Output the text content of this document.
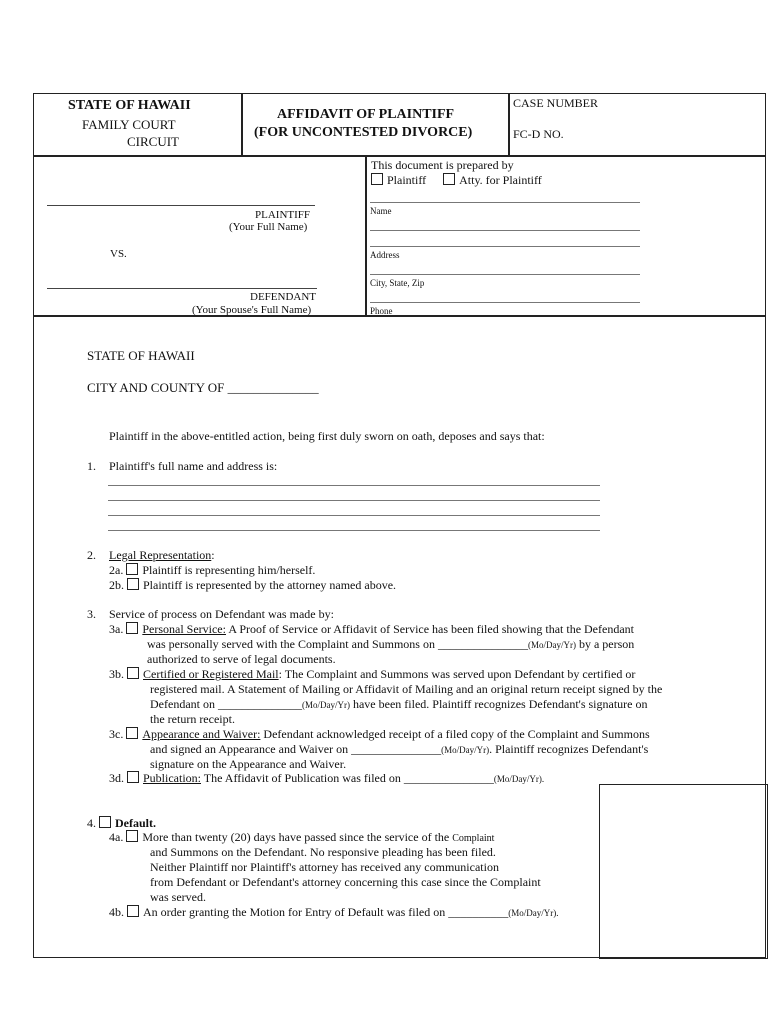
STATE OF HAWAII
FAMILY COURT
CIRCUIT
AFFIDAVIT OF PLAINTIFF
(FOR UNCONTESTED DIVORCE)
CASE NUMBER
FC-D NO.
PLAINTIFF
(Your Full Name)
VS.
DEFENDANT
(Your Spouse's Full Name)
This document is prepared by
Plaintiff	Atty. for Plaintiff
Name
Address
City, State, Zip
Phone
STATE OF HAWAII
CITY AND COUNTY OF ______________
Plaintiff in the above-entitled action, being first duly sworn on oath, deposes and says that:
1. Plaintiff's full name and address is:
2. Legal Representation:
2a. Plaintiff is representing him/herself.
2b. Plaintiff is represented by the attorney named above.
3. Service of process on Defendant was made by:
3a. Personal Service: A Proof of Service or Affidavit of Service has been filed showing that the Defendant
was personally served with the Complaint and Summons on _______________(Mo/Day/Yr) by a person
authorized to serve of legal documents.
3b. Certified or Registered Mail: The Complaint and Summons was served upon Defendant by certified or
registered mail. A Statement of Mailing or Affidavit of Mailing and an original return receipt signed by the
Defendant on ______________(Mo/Day/Yr) have been filed. Plaintiff recognizes Defendant's signature on
the return receipt.
3c. Appearance and Waiver: Defendant acknowledged receipt of a filed copy of the Complaint and Summons
and signed an Appearance and Waiver on _______________(Mo/Day/Yr). Plaintiff recognizes Defendant's
signature on the Appearance and Waiver.
3d. Publication: The Affidavit of Publication was filed on _______________(Mo/Day/Yr).
4. Default.
4a. More than twenty (20) days have passed since the service of the Complaint
and Summons on the Defendant. No responsive pleading has been filed.
Neither Plaintiff nor Plaintiff's attorney has received any communication
from Defendant or Defendant's attorney concerning this case since the Complaint
was served.
4b. An order granting the Motion for Entry of Default was filed on __________(Mo/Day/Yr).
